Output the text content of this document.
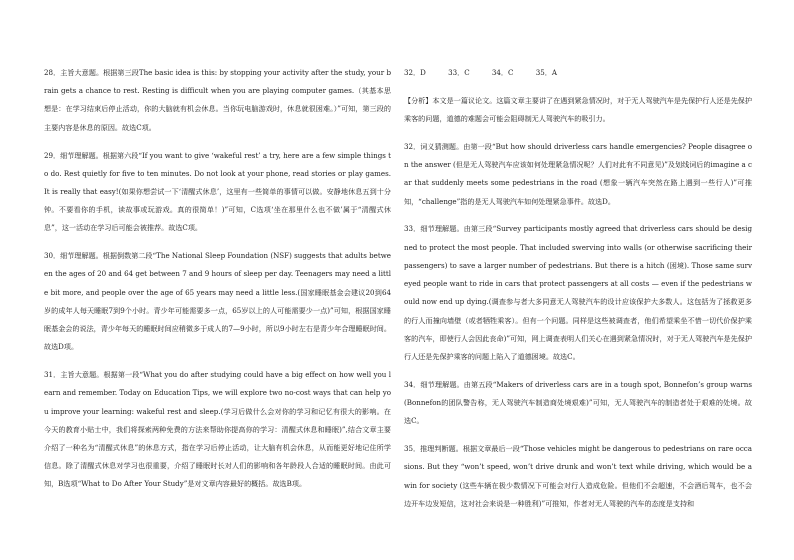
28．主旨大意题。根据第三段The basic idea is this: by stopping your activity after the study, your brain gets a chance to rest. Resting is difficult when you are playing computer games.（其基本思想是：在学习结束后停止活动，你的大脑就有机会休息。当你玩电脑游戏时，休息就很困难。）”可知，第三段的主要内容是休息的原因。故选C项。

29．细节理解题。根据第六段“If you want to give ‘wakeful rest’ a try, here are a few simple things to do. Rest quietly for five to ten minutes. Do not look at your phone, read stories or play games. It is really that easy!(如果你想尝试一下‘清醒式休息’，这里有一些简单的事情可以做。安静地休息五到十分钟。不要看你的手机，读故事或玩游戏。真的很简单！)”可知，C选项‘坐在那里什么也不做’属于“清醒式休息”，这一活动在学习后可能会被推荐。故选C项。

30．细节理解题。根据倒数第二段“The National Sleep Foundation (NSF) suggests that adults between the ages of 20 and 64 get between 7 and 9 hours of sleep per day. Teenagers may need a little bit more, and people over the age of 65 years may need a little less.(国家睡眠基金会建议20到64岁的成年人每天睡眠7到9个小时。青少年可能需要多一点，65岁以上的人可能需要少一点)”可知，根据国家睡眠基金会的说法，青少年每天的睡眠时间应稍微多于成人的7—9小时，所以9小时左右是青少年合理睡眠时间。故选D项。

31．主旨大意题。根据第一段“What you do after studying could have a big effect on how well you learn and remember. Today on Education Tips, we will explore two no-cost ways that can help you improve your learning: wakeful rest and sleep.(学习后做什么会对你的学习和记忆有很大的影响。在今天的教育小贴士中，我们将探索两种免费的方法来帮助你提高你的学习：清醒式休息和睡眠)”,结合文章主要介绍了一种名为“清醒式休息”的休息方式，指在学习后停止活动，让大脑有机会休息，从而能更好地记住所学信息。除了清醒式休息对学习也很重要，介绍了睡眠时长对人们的影响和各年龄段人合适的睡眠时间。由此可知，B选项“What to Do After Your Study”是对文章内容最好的概括。故选B项。

32．D	33．C	34．C	35．A

【分析】本文是一篇议论文。这篇文章主要讲了在遇到紧急情况时，对于无人驾驶汽车是先保护行人还是先保护乘客的问题，道德的难题会可能会阻碍制无人驾驶汽车的吸引力。

32．词义猜测题。由第一段“But how should driverless cars handle emergencies? People disagree on the answer (但是无人驾驶汽车应该如何处理紧急情况呢？人们对此有不同意见)”及划线词后的imagine a car that suddenly meets some pedestrians in the road (想象一辆汽车突然在路上遇到一些行人)”可推知，“challenge”指的是无人驾驶汽车如何处理紧急事件。故选D。

33．细节理解题。由第三段“Survey participants mostly agreed that driverless cars should be designed to protect the most people. That included swerving into walls (or otherwise sacrificing their passengers) to save a larger number of pedestrians. But there is a hitch (困境). Those same surveyed people want to ride in cars that protect passengers at all costs — even if the pedestrians would now end up dying.(调查参与者大多同意无人驾驶汽车的设计应该保护大多数人。这包括为了拯救更多的行人而撞向墙壁（或者牺牲乘客）。但有一个问题。同样是这些被调查者，他们希望乘坐不惜一切代价保护乘客的汽车，即使行人会因此丧命)”可知，网上调查表明人们关心在遇到紧急情况时，对于无人驾驶汽车是先保护行人还是先保护乘客的问题上陷入了道德困境。故选C。

34．细节理解题。由第五段“Makers of driverless cars are in a tough spot, Bonnefon’s group warns(Bonnefon的团队警告称，无人驾驶汽车制造商处境艰难)”可知，无人驾驶汽车的制造者处于艰难的处境。故选C。

35．推理判断题。根据文章最后一段“Those vehicles might be dangerous to pedestrians on rare occasions. But they “won’t speed, won’t drive drunk and won’t text while driving, which would be a win for society (这些车辆在极少数情况下可能会对行人造成危险。但他们不会超速，不会酒后驾车，也不会边开车边发短信，这对社会来说是一种胜利)”可推知，作者对无人驾驶的汽车的态度是支持和
